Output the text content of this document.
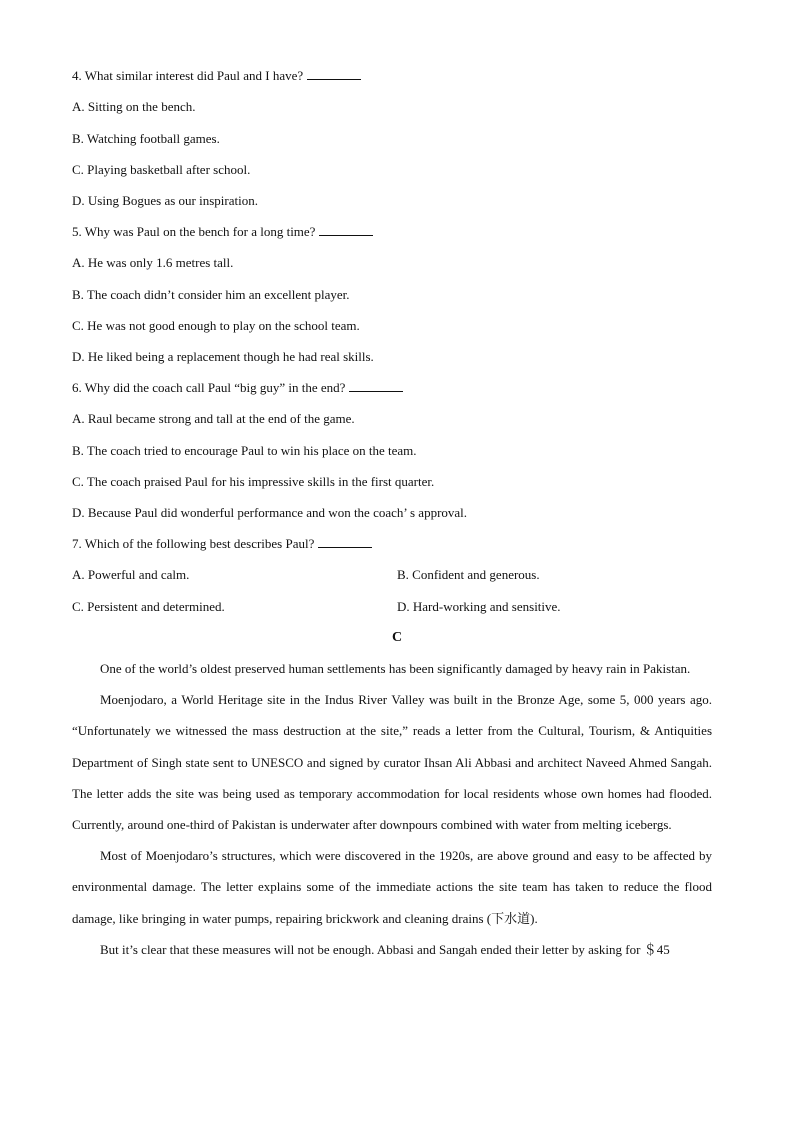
4. What similar interest did Paul and I have?
A. Sitting on the bench.
B. Watching football games.
C. Playing basketball after school.
D. Using Bogues as our inspiration.
5. Why was Paul on the bench for a long time?
A. He was only 1.6 metres tall.
B. The coach didn’t consider him an excellent player.
C. He was not good enough to play on the school team.
D. He liked being a replacement though he had real skills.
6. Why did the coach call Paul “big guy” in the end?
A. Raul became strong and tall at the end of the game.
B. The coach tried to encourage Paul to win his place on the team.
C. The coach praised Paul for his impressive skills in the first quarter.
D. Because Paul did wonderful performance and won the coach’ s approval.
7. Which of the following best describes Paul?
A. Powerful and calm.	B. Confident and generous.
C. Persistent and determined.	D. Hard-working and sensitive.
C

One of the world’s oldest preserved human settlements has been significantly damaged by heavy rain in Pakistan.

Moenjodaro, a World Heritage site in the Indus River Valley was built in the Bronze Age, some 5, 000 years ago. “Unfortunately we witnessed the mass destruction at the site,” reads a letter from the Cultural, Tourism, & Antiquities Department of Singh state sent to UNESCO and signed by curator Ihsan Ali Abbasi and architect Naveed Ahmed Sangah. The letter adds the site was being used as temporary accommodation for local residents whose own homes had flooded. Currently, around one-third of Pakistan is underwater after downpours combined with water from melting icebergs.

Most of Moenjodaro’s structures, which were discovered in the 1920s, are above ground and easy to be affected by environmental damage. The letter explains some of the immediate actions the site team has taken to reduce the flood damage, like bringing in water pumps, repairing brickwork and cleaning drains (下水道).

But it’s clear that these measures will not be enough. Abbasi and Sangah ended their letter by asking for ＄45
